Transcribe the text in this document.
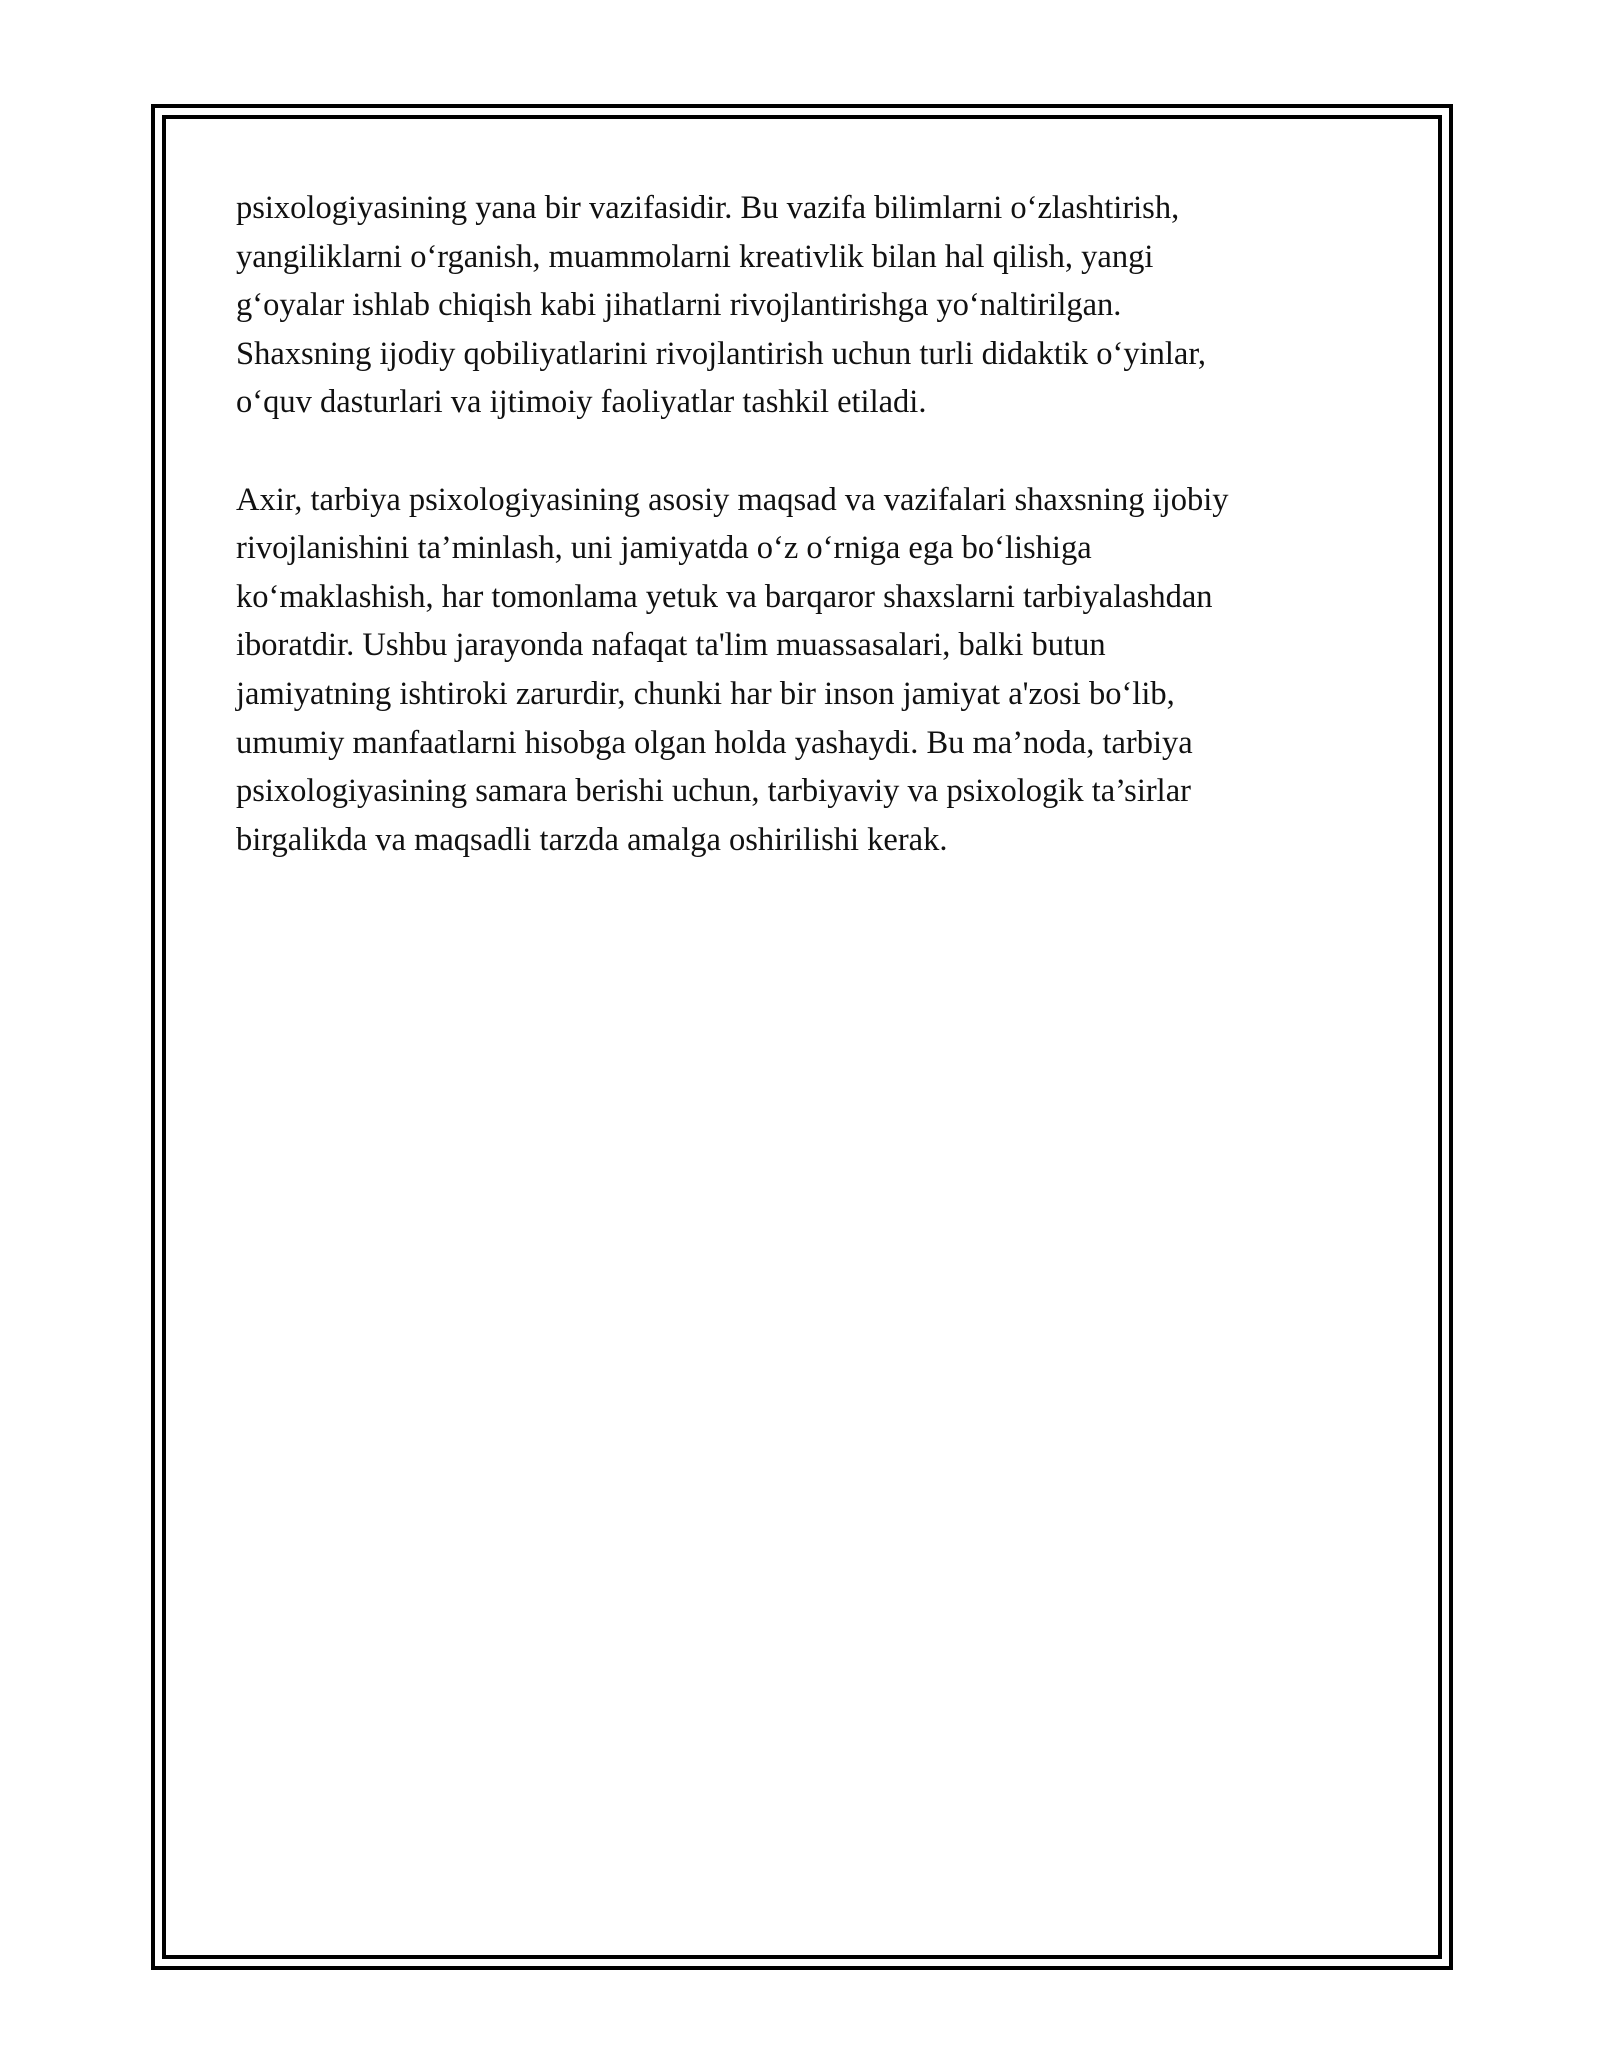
psixologiyasining yana bir vazifasidir. Bu vazifa bilimlarni o‘zlashtirish,
yangiliklarni o‘rganish, muammolarni kreativlik bilan hal qilish, yangi
g‘oyalar ishlab chiqish kabi jihatlarni rivojlantirishga yo‘naltirilgan.
Shaxsning ijodiy qobiliyatlarini rivojlantirish uchun turli didaktik o‘yinlar,
o‘quv dasturlari va ijtimoiy faoliyatlar tashkil etiladi.

Axir, tarbiya psixologiyasining asosiy maqsad va vazifalari shaxsning ijobiy
rivojlanishini ta’minlash, uni jamiyatda o‘z o‘rniga ega bo‘lishiga
ko‘maklashish, har tomonlama yetuk va barqaror shaxslarni tarbiyalashdan
iboratdir. Ushbu jarayonda nafaqat ta'lim muassasalari, balki butun
jamiyatning ishtiroki zarurdir, chunki har bir inson jamiyat a'zosi bo‘lib,
umumiy manfaatlarni hisobga olgan holda yashaydi. Bu ma’noda, tarbiya
psixologiyasining samara berishi uchun, tarbiyaviy va psixologik ta’sirlar
birgalikda va maqsadli tarzda amalga oshirilishi kerak.
